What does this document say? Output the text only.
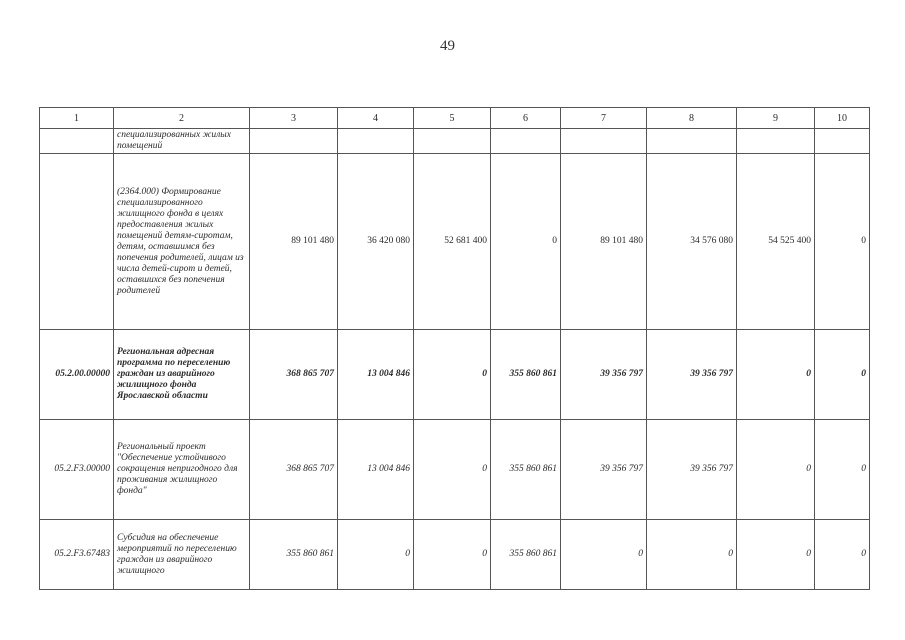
49
1	2	3	4	5	6	7	8	9	10
	специализированных жилых помещений								
	(2364.000) Формирование специализированного жилищного фонда в целях предоставления жилых помещений детям-сиротам, детям, оставшимся без попечения родителей, лицам из числа детей-сирот и детей, оставшихся без попечения родителей	89 101 480	36 420 080	52 681 400	0	89 101 480	34 576 080	54 525 400	0
05.2.00.00000	Региональная адресная программа по переселению граждан из аварийного жилищного фонда Ярославской области	368 865 707	13 004 846	0	355 860 861	39 356 797	39 356 797	0	0
05.2.F3.00000	Региональный проект "Обеспечение устойчивого сокращения непригодного для проживания жилищного фонда"	368 865 707	13 004 846	0	355 860 861	39 356 797	39 356 797	0	0
05.2.F3.67483	Субсидия на обеспечение мероприятий по переселению граждан из аварийного жилищного	355 860 861	0	0	355 860 861	0	0	0	0
